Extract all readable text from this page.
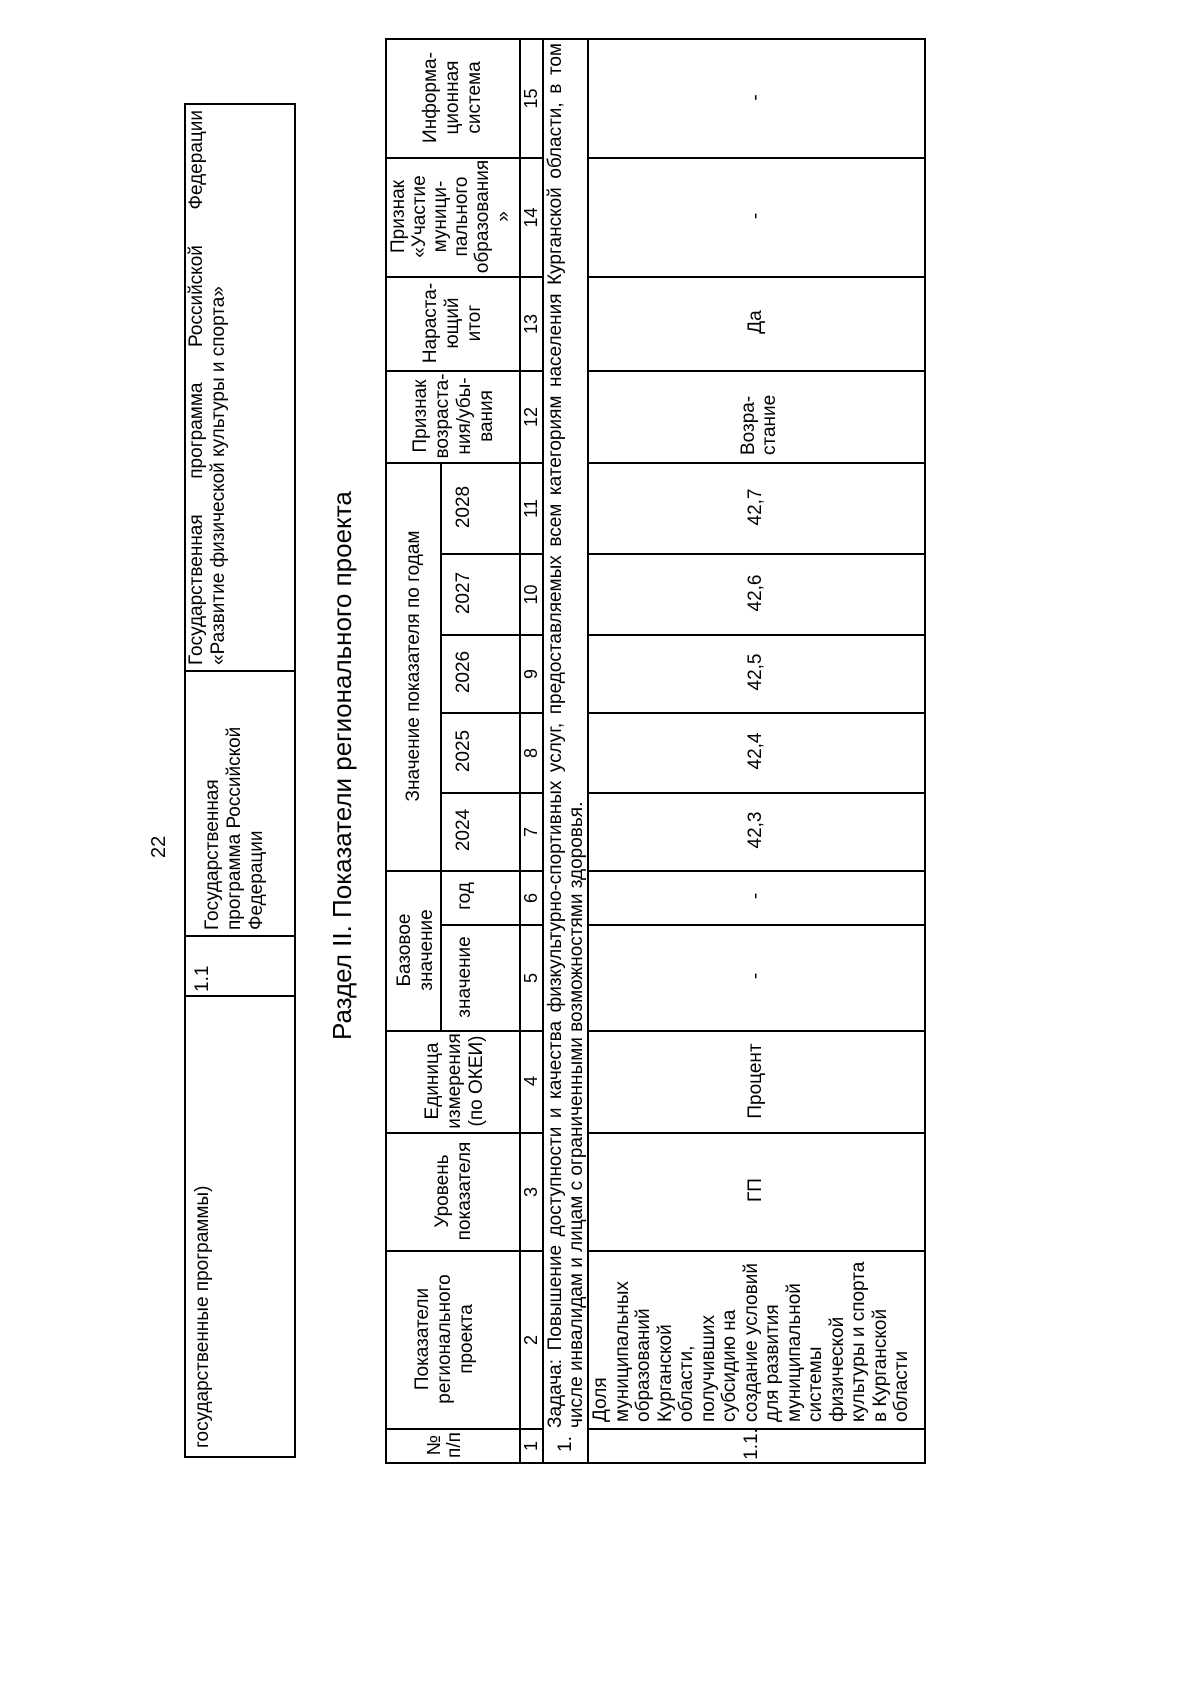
22
государственные программы)
1.1
Государственная программа Российской Федерации
Государственная программа Российской Федерации «Развитие физической культуры и спорта»
Раздел II. Показатели регионального проекта
№ п/п
Показатели регионального проекта
Уровень показателя
Единица измерения (по ОКЕИ)
Базовое значение значение
год
Значение показателя по годам
2024
2025
2026
2027
2028
Признак возраста-ния/убы-вания
Нараста-ющий итог
Признак «Участие муници-пального образования »
Информа-ционная система
1
2
3
4
5
6
7
8
9
10
11
12
13
14
15
1.
Задача: Повышение доступности и качества физкультурно-спортивных услуг, предоставляемых всем категориям населения Курганской области, в том числе инвалидам и лицам с ограниченными возможностями здоровья.
1.1.
Доля муниципальных образований Курганской области, получивших субсидию на создание условий для развития муниципальной системы физической культуры и спорта в Курганской области
ГП
Процент
-
-
42,3
42,4
42,5
42,6
42,7
Возра-стание
Да
-
-
